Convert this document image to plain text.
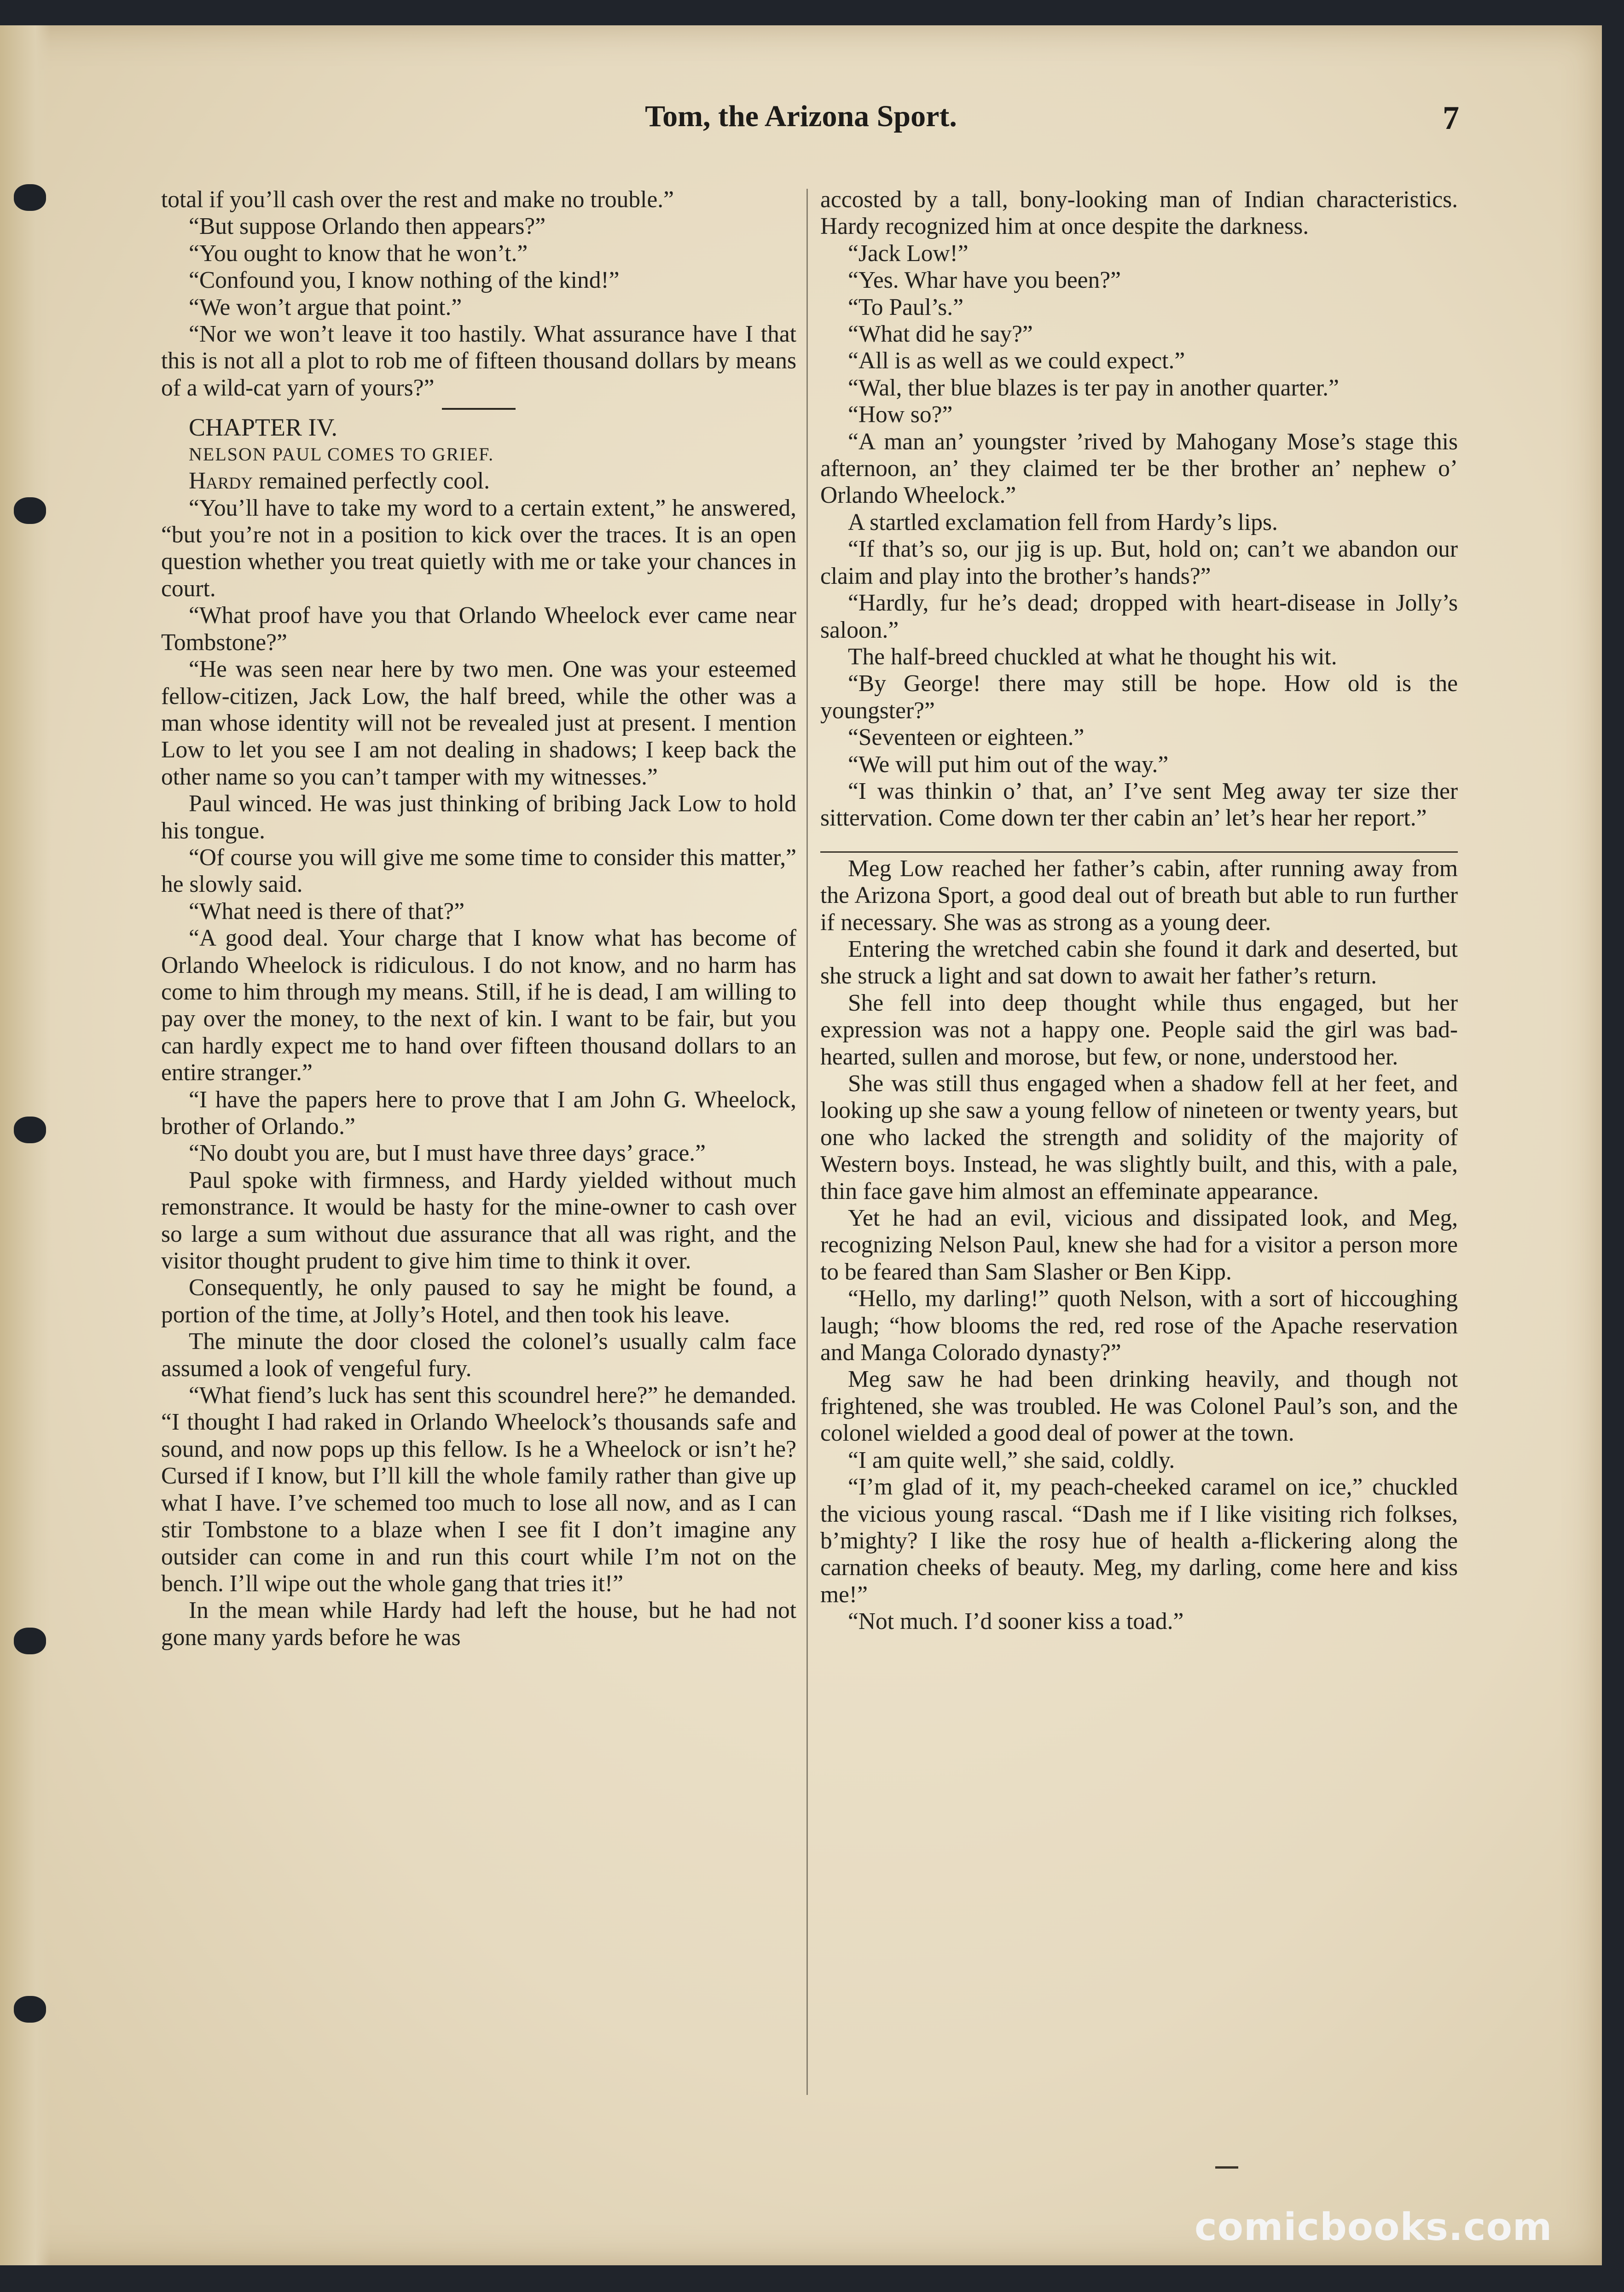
Tom, the Arizona Sport.	7

total if you’ll cash over the rest and make no trouble.”

“But suppose Orlando then appears?”

“You ought to know that he won’t.”

“Confound you, I know nothing of the kind!”

“We won’t argue that point.”

“Nor we won’t leave it too hastily. What assurance have I that this is not all a plot to rob me of fifteen thousand dollars by means of a wild-cat yarn of yours?”

CHAPTER IV.

NELSON PAUL COMES TO GRIEF.

Hardy remained perfectly cool.

“You’ll have to take my word to a certain extent,” he answered, “but you’re not in a position to kick over the traces. It is an open question whether you treat quietly with me or take your chances in court.

“What proof have you that Orlando Wheelock ever came near Tombstone?”

“He was seen near here by two men. One was your esteemed fellow-citizen, Jack Low, the half breed, while the other was a man whose identity will not be revealed just at present. I mention Low to let you see I am not dealing in shadows; I keep back the other name so you can’t tamper with my witnesses.”

Paul winced. He was just thinking of bribing Jack Low to hold his tongue.

“Of course you will give me some time to consider this matter,” he slowly said.

“What need is there of that?”

“A good deal. Your charge that I know what has become of Orlando Wheelock is ridiculous. I do not know, and no harm has come to him through my means. Still, if he is dead, I am willing to pay over the money, to the next of kin. I want to be fair, but you can hardly expect me to hand over fifteen thousand dollars to an entire stranger.”

“I have the papers here to prove that I am John G. Wheelock, brother of Orlando.”

“No doubt you are, but I must have three days’ grace.”

Paul spoke with firmness, and Hardy yielded without much remonstrance. It would be hasty for the mine-owner to cash over so large a sum without due assurance that all was right, and the visitor thought prudent to give him time to think it over.

Consequently, he only paused to say he might be found, a portion of the time, at Jolly’s Hotel, and then took his leave.

The minute the door closed the colonel’s usually calm face assumed a look of vengeful fury.

“What fiend’s luck has sent this scoundrel here?” he demanded. “I thought I had raked in Orlando Wheelock’s thousands safe and sound, and now pops up this fellow. Is he a Wheelock or isn’t he? Cursed if I know, but I’ll kill the whole family rather than give up what I have. I’ve schemed too much to lose all now, and as I can stir Tombstone to a blaze when I see fit I don’t imagine any outsider can come in and run this court while I’m not on the bench. I’ll wipe out the whole gang that tries it!”

In the mean while Hardy had left the house, but he had not gone many yards before he was

accosted by a tall, bony-looking man of Indian characteristics. Hardy recognized him at once despite the darkness.

“Jack Low!”

“Yes. Whar have you been?”

“To Paul’s.”

“What did he say?”

“All is as well as we could expect.”

“Wal, ther blue blazes is ter pay in another quarter.”

“How so?”

“A man an’ youngster ’rived by Mahogany Mose’s stage this afternoon, an’ they claimed ter be ther brother an’ nephew o’ Orlando Wheelock.”

A startled exclamation fell from Hardy’s lips.

“If that’s so, our jig is up. But, hold on; can’t we abandon our claim and play into the brother’s hands?”

“Hardly, fur he’s dead; dropped with heart-disease in Jolly’s saloon.”

The half-breed chuckled at what he thought his wit.

“By George! there may still be hope. How old is the youngster?”

“Seventeen or eighteen.”

“We will put him out of the way.”

“I was thinkin o’ that, an’ I’ve sent Meg away ter size ther sittervation. Come down ter ther cabin an’ let’s hear her report.”

Meg Low reached her father’s cabin, after running away from the Arizona Sport, a good deal out of breath but able to run further if necessary. She was as strong as a young deer.

Entering the wretched cabin she found it dark and deserted, but she struck a light and sat down to await her father’s return.

She fell into deep thought while thus engaged, but her expression was not a happy one. People said the girl was bad-hearted, sullen and morose, but few, or none, understood her.

She was still thus engaged when a shadow fell at her feet, and looking up she saw a young fellow of nineteen or twenty years, but one who lacked the strength and solidity of the majority of Western boys. Instead, he was slightly built, and this, with a pale, thin face gave him almost an effeminate appearance.

Yet he had an evil, vicious and dissipated look, and Meg, recognizing Nelson Paul, knew she had for a visitor a person more to be feared than Sam Slasher or Ben Kipp.

“Hello, my darling!” quoth Nelson, with a sort of hiccoughing laugh; “how blooms the red, red rose of the Apache reservation and Manga Colorado dynasty?”

Meg saw he had been drinking heavily, and though not frightened, she was troubled. He was Colonel Paul’s son, and the colonel wielded a good deal of power at the town.

“I am quite well,” she said, coldly.

“I’m glad of it, my peach-cheeked caramel on ice,” chuckled the vicious young rascal. “Dash me if I like visiting rich folkses, b’mighty? I like the rosy hue of health a-flickering along the carnation cheeks of beauty. Meg, my darling, come here and kiss me!”

“Not much. I’d sooner kiss a toad.”

comicbooks.com
